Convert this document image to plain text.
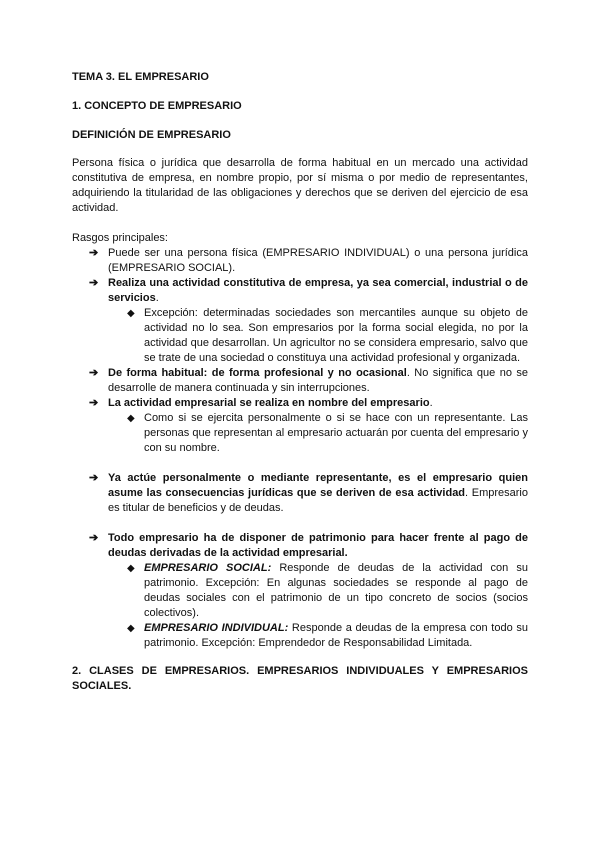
TEMA 3. EL EMPRESARIO

1. CONCEPTO DE EMPRESARIO

DEFINICIÓN DE EMPRESARIO

Persona física o jurídica que desarrolla de forma habitual en un mercado una actividad constitutiva de empresa, en nombre propio, por sí misma o por medio de representantes, adquiriendo la titularidad de las obligaciones y derechos que se deriven del ejercicio de esa actividad.

Rasgos principales:

➔ Puede ser una persona física (EMPRESARIO INDIVIDUAL) o una persona jurídica (EMPRESARIO SOCIAL).
➔ Realiza una actividad constitutiva de empresa, ya sea comercial, industrial o de servicios.
◆ Excepción: determinadas sociedades son mercantiles aunque su objeto de actividad no lo sea. Son empresarios por la forma social elegida, no por la actividad que desarrollan. Un agricultor no se considera empresario, salvo que se trate de una sociedad o constituya una actividad profesional y organizada.
➔ De forma habitual: de forma profesional y no ocasional. No significa que no se desarrolle de manera continuada y sin interrupciones.
➔ La actividad empresarial se realiza en nombre del empresario.
◆ Como si se ejercita personalmente o si se hace con un representante. Las personas que representan al empresario actuarán por cuenta del empresario y con su nombre.
➔ Ya actúe personalmente o mediante representante, es el empresario quien asume las consecuencias jurídicas que se deriven de esa actividad. Empresario es titular de beneficios y de deudas.
➔ Todo empresario ha de disponer de patrimonio para hacer frente al pago de deudas derivadas de la actividad empresarial.
◆ EMPRESARIO SOCIAL: Responde de deudas de la actividad con su patrimonio. Excepción: En algunas sociedades se responde al pago de deudas sociales con el patrimonio de un tipo concreto de socios (socios colectivos).
◆ EMPRESARIO INDIVIDUAL: Responde a deudas de la empresa con todo su patrimonio. Excepción: Emprendedor de Responsabilidad Limitada.

2. CLASES DE EMPRESARIOS. EMPRESARIOS INDIVIDUALES Y EMPRESARIOS SOCIALES.
